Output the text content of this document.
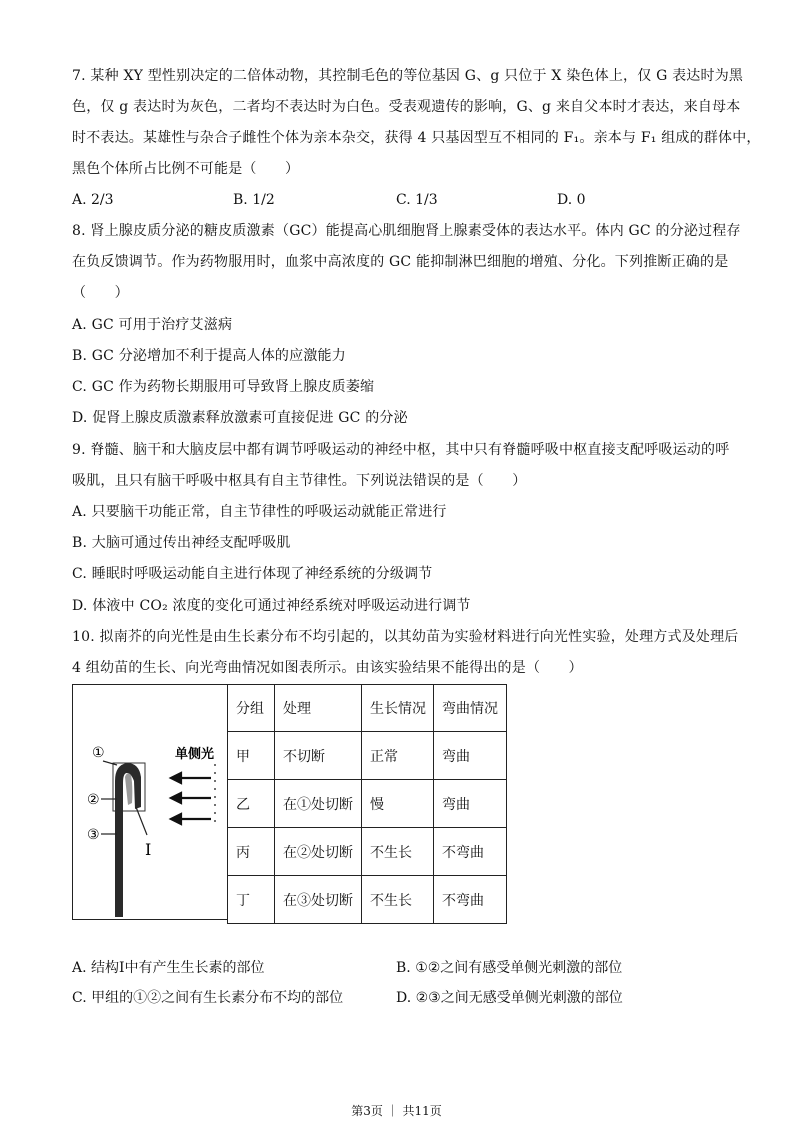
7. 某种 XY 型性别决定的二倍体动物，其控制毛色的等位基因 G、g 只位于 X 染色体上，仅 G 表达时为黑
色，仅 g 表达时为灰色，二者均不表达时为白色。受表观遗传的影响，G、g 来自父本时才表达，来自母本
时不表达。某雄性与杂合子雌性个体为亲本杂交，获得 4 只基因型互不相同的 F₁。亲本与 F₁ 组成的群体中，
黑色个体所占比例不可能是（　　）
A. 2/3	B. 1/2	C. 1/3	D. 0
8. 肾上腺皮质分泌的糖皮质激素（GC）能提高心肌细胞肾上腺素受体的表达水平。体内 GC 的分泌过程存
在负反馈调节。作为药物服用时，血浆中高浓度的 GC 能抑制淋巴细胞的增殖、分化。下列推断正确的是
（　　）
A. GC 可用于治疗艾滋病
B. GC 分泌增加不利于提高人体的应激能力
C. GC 作为药物长期服用可导致肾上腺皮质萎缩
D. 促肾上腺皮质激素释放激素可直接促进 GC 的分泌
9. 脊髓、脑干和大脑皮层中都有调节呼吸运动的神经中枢，其中只有脊髓呼吸中枢直接支配呼吸运动的呼
吸肌，且只有脑干呼吸中枢具有自主节律性。下列说法错误的是（　　）
A. 只要脑干功能正常，自主节律性的呼吸运动就能正常进行
B. 大脑可通过传出神经支配呼吸肌
C. 睡眠时呼吸运动能自主进行体现了神经系统的分级调节
D. 体液中 CO₂ 浓度的变化可通过神经系统对呼吸运动进行调节
10. 拟南芥的向光性是由生长素分布不均引起的，以其幼苗为实验材料进行向光性实验，处理方式及处理后
4 组幼苗的生长、向光弯曲情况如图表所示。由该实验结果不能得出的是（　　）
单侧光
①
②
③
I
分组	处理	生长情况	弯曲情况
甲	不切断	正常	弯曲
乙	在①处切断	慢	弯曲
丙	在②处切断	不生长	不弯曲
丁	在③处切断	不生长	不弯曲
A. 结构I中有产生生长素的部位	B. ①②之间有感受单侧光刺激的部位
C. 甲组的①②之间有生长素分布不均的部位	D. ②③之间无感受单侧光刺激的部位
第3页 ｜ 共11页
